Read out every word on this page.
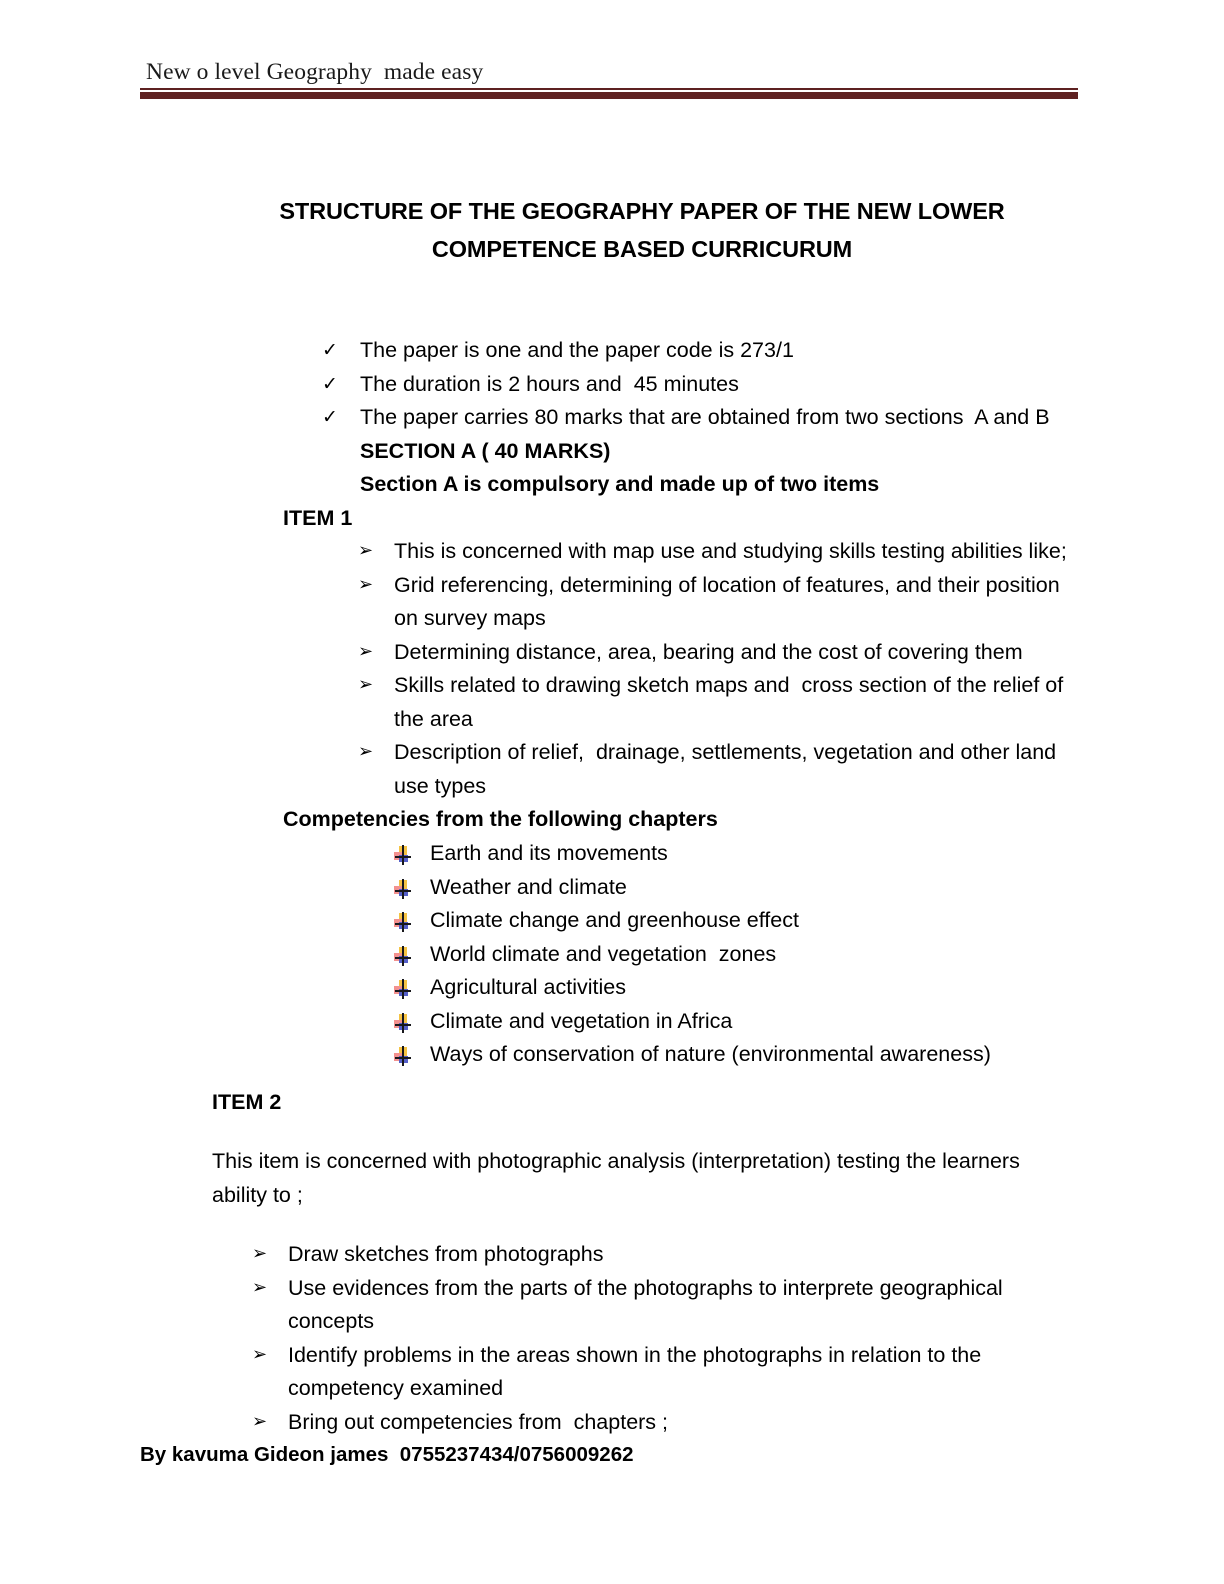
New o level Geography  made easy
STRUCTURE OF THE GEOGRAPHY PAPER OF THE NEW LOWER
COMPETENCE BASED CURRICURUM
✓	The paper is one and the paper code is 273/1
✓	The duration is 2 hours and  45 minutes
✓	The paper carries 80 marks that are obtained from two sections  A and B
SECTION A ( 40 MARKS)
Section A is compulsory and made up of two items
ITEM 1
➢ This is concerned with map use and studying skills testing abilities like;
➢ Grid referencing, determining of location of features, and their position on survey maps
➢ Determining distance, area, bearing and the cost of covering them
➢ Skills related to drawing sketch maps and  cross section of the relief of the area
➢ Description of relief,  drainage, settlements, vegetation and other land use types
Competencies from the following chapters
Earth and its movements
Weather and climate
Climate change and greenhouse effect
World climate and vegetation  zones
Agricultural activities
Climate and vegetation in Africa
Ways of conservation of nature (environmental awareness)
ITEM 2
This item is concerned with photographic analysis (interpretation) testing the learners ability to ;
➢ Draw sketches from photographs
➢ Use evidences from the parts of the photographs to interprete geographical concepts
➢ Identify problems in the areas shown in the photographs in relation to the competency examined
➢ Bring out competencies from  chapters ;
By kavuma Gideon james  0755237434/0756009262
